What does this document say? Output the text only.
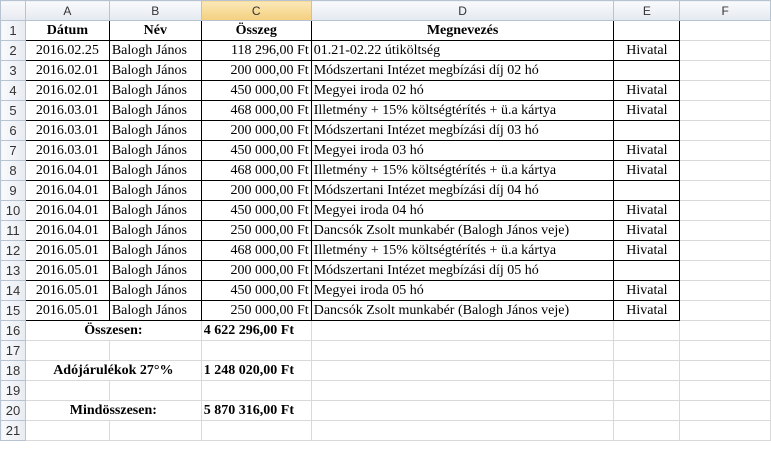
	A	B	C	D	E	F
1	Dátum	Név	Összeg	Megnevezés		
2	2016.02.25	Balogh János	118 296,00 Ft	01.21-02.22 útiköltség	Hivatal	
3	2016.02.01	Balogh János	200 000,00 Ft	Módszertani Intézet megbízási díj 02 hó		
4	2016.02.01	Balogh János	450 000,00 Ft	Megyei iroda 02 hó	Hivatal	
5	2016.03.01	Balogh János	468 000,00 Ft	Illetmény + 15% költségtérítés + ü.a kártya	Hivatal	
6	2016.03.01	Balogh János	200 000,00 Ft	Módszertani Intézet megbízási díj 03 hó		
7	2016.03.01	Balogh János	450 000,00 Ft	Megyei iroda 03 hó	Hivatal	
8	2016.04.01	Balogh János	468 000,00 Ft	Illetmény + 15% költségtérítés + ü.a kártya	Hivatal	
9	2016.04.01	Balogh János	200 000,00 Ft	Módszertani Intézet megbízási díj 04 hó		
10	2016.04.01	Balogh János	450 000,00 Ft	Megyei iroda 04 hó	Hivatal	
11	2016.04.01	Balogh János	250 000,00 Ft	Dancsók Zsolt munkabér (Balogh János veje)	Hivatal	
12	2016.05.01	Balogh János	468 000,00 Ft	Illetmény + 15% költségtérítés + ü.a kártya	Hivatal	
13	2016.05.01	Balogh János	200 000,00 Ft	Módszertani Intézet megbízási díj 05 hó		
14	2016.05.01	Balogh János	450 000,00 Ft	Megyei iroda 05 hó	Hivatal	
15	2016.05.01	Balogh János	250 000,00 Ft	Dancsók Zsolt munkabér (Balogh János veje)	Hivatal	
16	Összesen:		4 622 296,00 Ft			
17						
18	Adójárulékok 27°%		1 248 020,00 Ft			
19						
20	Mindösszesen:		5 870 316,00 Ft			
21						
